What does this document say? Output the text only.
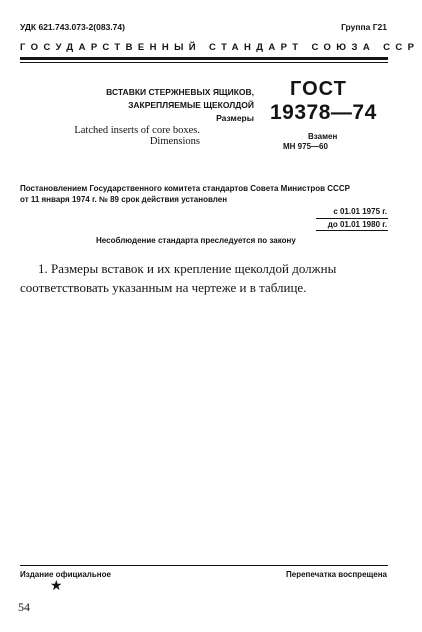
УДК 621.743.073-2(083.74)	Группа Г21
ГОСУДАРСТВЕННЫЙ СТАНДАРТ СОЮЗА ССР
ВСТАВКИ СТЕРЖНЕВЫХ ЯЩИКОВ,
ЗАКРЕПЛЯЕМЫЕ ЩЕКОЛДОЙ
Размеры
Latched inserts of core boxes.
Dimensions
ГОСТ
19378—74
Взамен
МН 975—60
Постановлением Государственного комитета стандартов Совета Министров СССР
от 11 января 1974 г. № 89 срок действия установлен
с 01.01 1975 г.
до 01.01 1980 г.
Несоблюдение стандарта преследуется по закону
1. Размеры вставок и их крепление щеколдой должны соответствовать указанным на чертеже и в таблице.
Издание официальное	Перепечатка воспрещена
★
54
